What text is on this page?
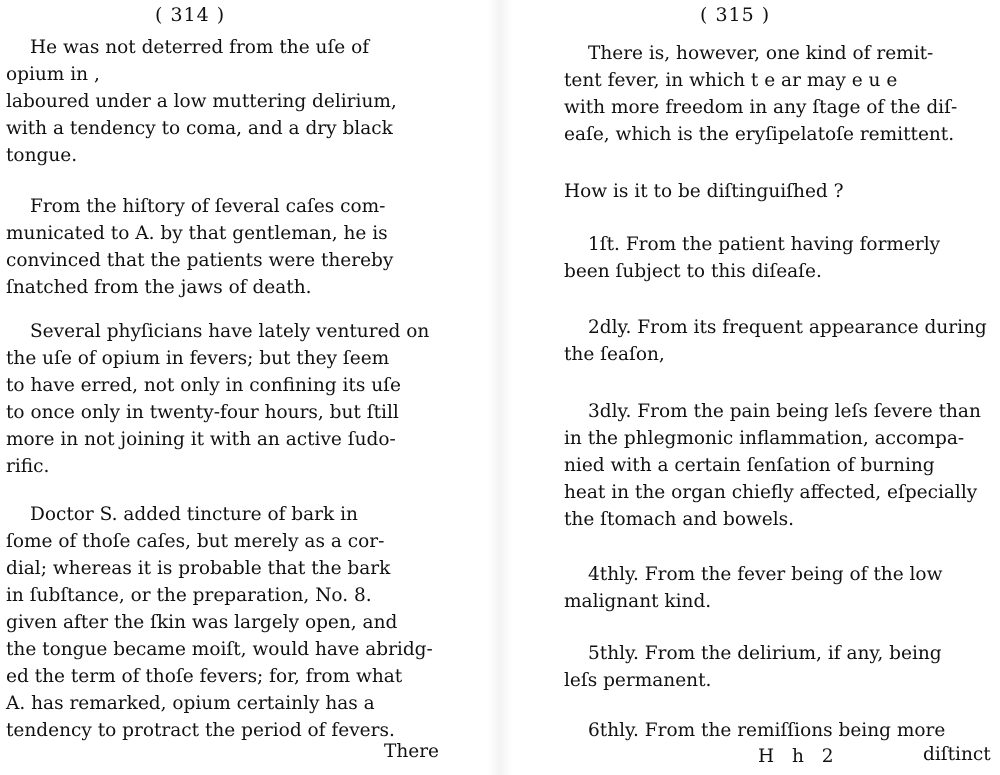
( 314 )

He was not deterred from the uſe of
opium in ,
laboured under a low muttering delirium,
with a tendency to coma, and a dry black
tongue.

From the hiſtory of ſeveral caſes com-
municated to A. by that gentleman, he is
convinced that the patients were thereby
ſnatched from the jaws of death.

Several phyſicians have lately ventured on
the uſe of opium in fevers; but they ſeem
to have erred, not only in confining its uſe
to once only in twenty-four hours, but ſtill
more in not joining it with an active ſudo-
rific.

Doctor S. added tincture of bark in
ſome of thoſe caſes, but merely as a cor-
dial; whereas it is probable that the bark
in ſubſtance, or the preparation, No. 8.
given after the ſkin was largely open, and
the tongue became moiſt, would have abridg-
ed the term of thoſe fevers; for, from what
A. has remarked, opium certainly has a
tendency to protract the period of fevers.

There
( 315 )

There is, however, one kind of remit-
tent fever, in which t e ar may e u e
with more freedom in any ſtage of the diſ-
eaſe, which is the eryſipelatoſe remittent.

How is it to be diſtinguiſhed ?

1ſt. From the patient having formerly
been ſubject to this diſeaſe.

2dly. From its frequent appearance during
the ſeaſon,

3dly. From the pain being leſs ſevere than
in the phlegmonic inflammation, accompa-
nied with a certain ſenſation of burning
heat in the organ chiefly affected, eſpecially
the ſtomach and bowels.

4thly. From the fever being of the low
malignant kind.

5thly. From the delirium, if any, being
leſs permanent.

6thly. From the remiſſions being more

H h 2	diſtinct
